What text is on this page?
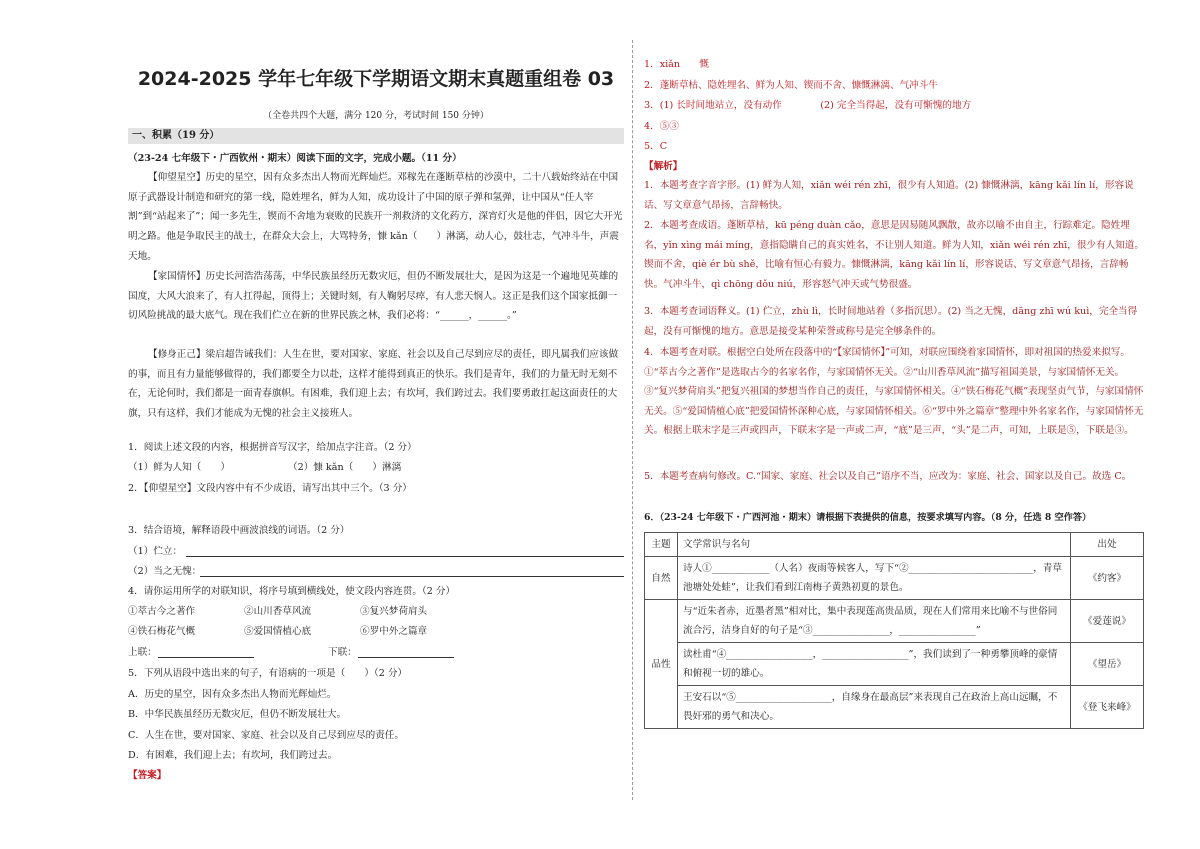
2024-2025 学年七年级下学期语文期末真题重组卷 03
（全卷共四个大题，满分 120 分，考试时间 150 分钟）
一、积累（19 分）
（23-24 七年级下・广西钦州・期末）阅读下面的文字，完成小题。（11 分）
【仰望星空】历史的星空，因有众多杰出人物而光辉灿烂。邓稼先在蓬断草枯的沙漠中，二十八载始终站在中国原子武器设计制造和研究的第一线，隐姓埋名，鲜为人知，成功设计了中国的原子弹和氢弹，让中国从“任人宰割”到“站起来了”；闻一多先生，锲而不舍地为衰败的民族开一剂救济的文化药方，深宵灯火是他的伴侣，因它大开光明之路。他是争取民主的战士，在群众大会上，大骂特务，慷 kǎn（　　）淋漓，动人心，鼓壮志，气冲斗牛，声震天地。
【家国情怀】历史长河浩浩荡荡，中华民族虽经历无数灾厄，但仍不断发展壮大，是因为这是一个遍地见英雄的国度，大风大浪来了，有人扛得起，顶得上；关键时刻，有人鞠躬尽瘁，有人悲天悯人。这正是我们这个国家抵御一切风险挑战的最大底气。现在我们伫立在新的世界民族之林，我们必将：“______，______。”
【修身正己】梁启超告诫我们：人生在世，要对国家、家庭、社会以及自己尽到应尽的责任，即凡属我们应该做的事，而且有力量能够做得的，我们都要全力以赴，这样才能得到真正的快乐。我们是青年，我们的力量无时无刻不在，无论何时，我们都是一面青春旗帜。有困难，我们迎上去；有坎坷，我们跨过去。我们要勇敢扛起这面责任的大旗，只有这样，我们才能成为无愧的社会主义接班人。
1．阅读上述文段的内容，根据拼音写汉字，给加点字注音。（2 分）
（1）鲜为人知（　　）	（2）慷 kǎn（　　）淋漓
2．【仰望星空】文段内容中有不少成语，请写出其中三个。（3 分）
3．结合语境，解释语段中画波浪线的词语。（2 分）
（1）伫立：
（2）当之无愧：
4．请你运用所学的对联知识，将序号填到横线处，使文段内容连贯。（2 分）
①萃古今之著作	②山川香草风流	③复兴梦荷肩头
④铁石梅花气概	⑤爱国情植心底	⑥罗中外之篇章
上联：	下联：
5．下列从语段中选出来的句子，有语病的一项是（　　）（2 分）
A．历史的星空，因有众多杰出人物而光辉灿烂。
B．中华民族虽经历无数灾厄，但仍不断发展壮大。
C．人生在世，要对国家、家庭、社会以及自己尽到应尽的责任。
D．有困难，我们迎上去；有坎坷，我们跨过去。
【答案】
1．xiǎn　　慨
2．蓬断草枯、隐姓埋名、鲜为人知、锲而不舍、慷慨淋漓、气冲斗牛
3．(1) 长时间地站立，没有动作　　　　(2) 完全当得起，没有可惭愧的地方
4．⑤③
5．C
【解析】
1．本题考查字音字形。(1) 鲜为人知，xiǎn wéi rén zhī，很少有人知道。(2) 慷慨淋漓，kāng kǎi lín lí，形容说话、写文章意气昂扬，言辞畅快。
2．本题考查成语。蓬断草枯，kū péng duàn cǎo，意思是因易随风飘散，故亦以喻不由自主，行踪难定。隐姓埋名，yǐn xìng mái míng，意指隐瞒自己的真实姓名，不让别人知道。鲜为人知，xiǎn wéi rén zhī，很少有人知道。锲而不舍，qiè ér bù shě，比喻有恒心有毅力。慷慨淋漓，kāng kǎi lín lí，形容说话、写文章意气昂扬，言辞畅快。气冲斗牛，qì chōng dǒu niú，形容怒气冲天或气势很盛。
3．本题考查词语释义。(1) 伫立，zhù lì，长时间地站着（多指沉思）。(2) 当之无愧，dāng zhī wú kuì，完全当得起，没有可惭愧的地方。意思是接受某种荣誉或称号是完全够条件的。
4．本题考查对联。根据空白处所在段落中的“【家国情怀】”可知，对联应围绕着家国情怀，即对祖国的热爱来拟写。①“萃古今之著作”是选取古今的名家名作，与家国情怀无关。②“山川香草风流”描写祖国美景，与家国情怀无关。③“复兴梦荷肩头”把复兴祖国的梦想当作自己的责任，与家国情怀相关。④“铁石梅花气概”表现坚贞气节，与家国情怀无关。⑤“爱国情植心底”把爱国情怀深种心底，与家国情怀相关。⑥“罗中外之篇章”整理中外名家名作，与家国情怀无关。根据上联末字是三声或四声，下联末字是一声或二声，“底”是三声，“头”是二声，可知，上联是⑤，下联是③。
5．本题考查病句修改。C.“国家、家庭、社会以及自己”语序不当，应改为：家庭、社会、国家以及自己。故选 C。
6．（23-24 七年级下・广西河池・期末）请根据下表提供的信息，按要求填写内容。（8 分，任选 8 空作答）
主题	文学常识与名句	出处
自然	诗人①____________（人名）夜雨等候客人，写下“②__________________________，青草池塘处处蛙”，让我们看到江南梅子黄熟初夏的景色。	《约客》
品性	与“近朱者赤，近墨者黑”相对比，集中表现莲高贵品质，现在人们常用来比喻不与世俗同流合污，洁身自好的句子是“③________________，________________”	《爱莲说》
	读杜甫“④__________________，__________________”，我们读到了一种勇攀顶峰的豪情和俯视一切的雄心。	《望岳》
	王安石以“⑤____________________，自缘身在最高层”来表现自己在政治上高山远瞩，不畏奸邪的勇气和决心。	《登飞来峰》
